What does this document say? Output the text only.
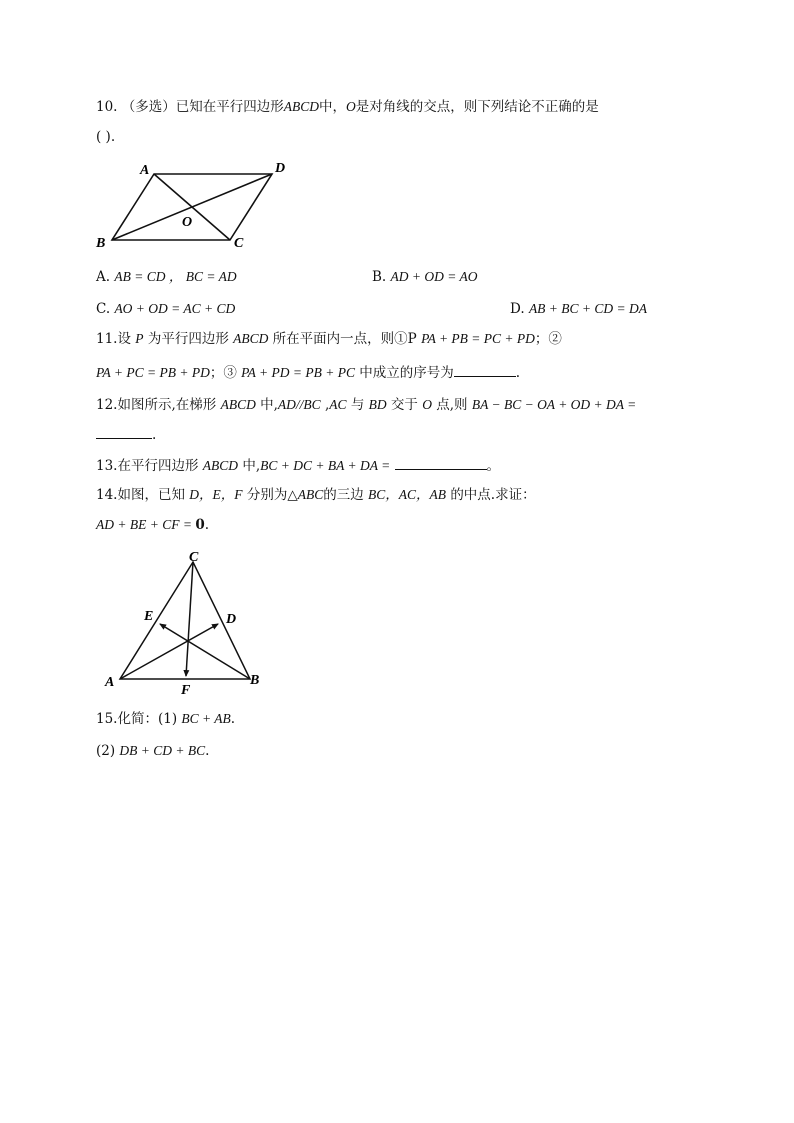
10. （多选）已知在平行四边形ABCD中，O是对角线的交点，则下列结论不正确的是
( ).
A	D
O
B	C
A. AB = CD ， BC = AD	B. AD + OD = AO
C. AO + OD = AC + CD	D. AB + BC + CD = DA
11.设 P 为平行四边形 ABCD 所在平面内一点，则①P PA + PB = PC + PD；②
PA + PC = PB + PD；③ PA + PD = PB + PC 中成立的序号为	.
12.如图所示,在梯形 ABCD 中,AD//BC ,AC 与 BD 交于 O 点,则 BA − BC − OA + OD + DA =
.
13.在平行四边形 ABCD 中,BC + DC + BA + DA =	。
14.如图，已知 D，E，F 分别为△ABC的三边 BC，AC，AB 的中点.求证：
AD + BE + CF = 0.
C
E	D
A	B
F
15.化简：(1) BC + AB.
(2) DB + CD + BC.
